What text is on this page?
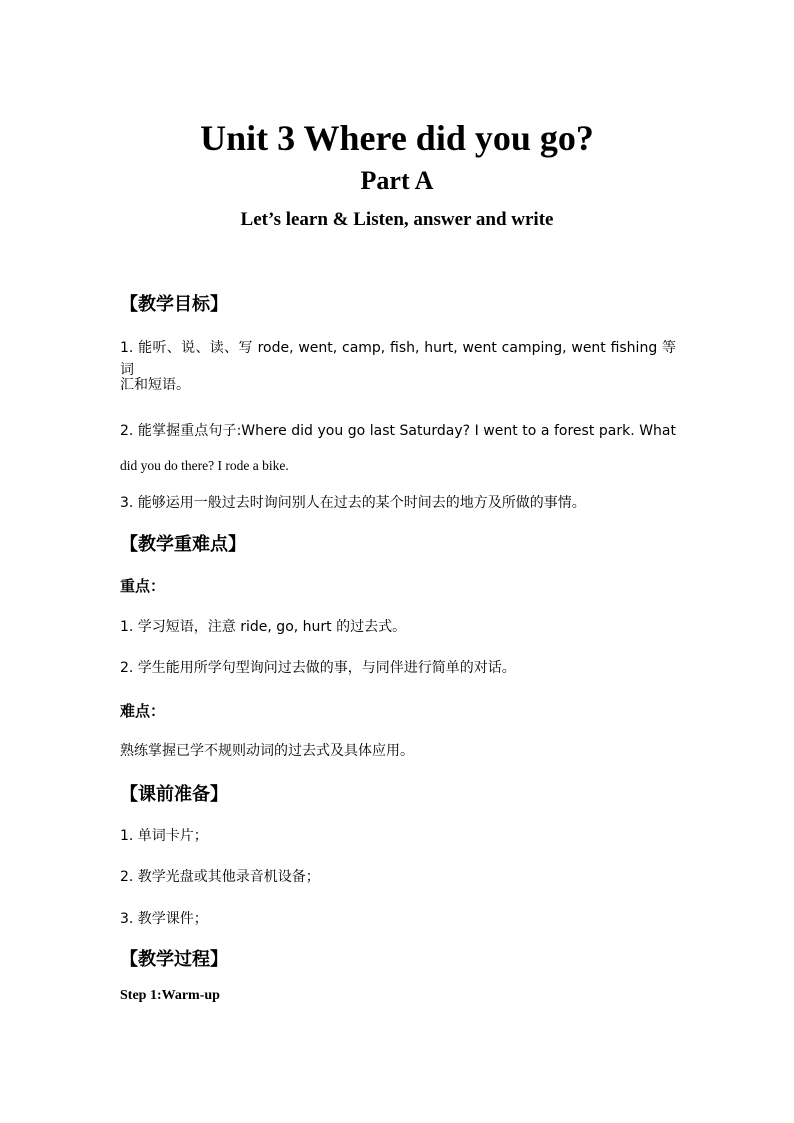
Unit 3 Where did you go?
Part A
Let’s learn & Listen, answer and write
【教学目标】
1. 能听、说、读、写 rode, went, camp, fish, hurt, went camping, went fishing 等词
汇和短语。
2. 能掌握重点句子:Where did you go last Saturday? I went to a forest park. What
did you do there? I rode a bike.
3. 能够运用一般过去时询问别人在过去的某个时间去的地方及所做的事情。
【教学重难点】
重点：
1. 学习短语，注意 ride, go, hurt 的过去式。
2. 学生能用所学句型询问过去做的事，与同伴进行简单的对话。
难点：
熟练掌握已学不规则动词的过去式及具体应用。
【课前准备】
1. 单词卡片；
2. 教学光盘或其他录音机设备；
3. 教学课件；
【教学过程】
Step 1:Warm-up
